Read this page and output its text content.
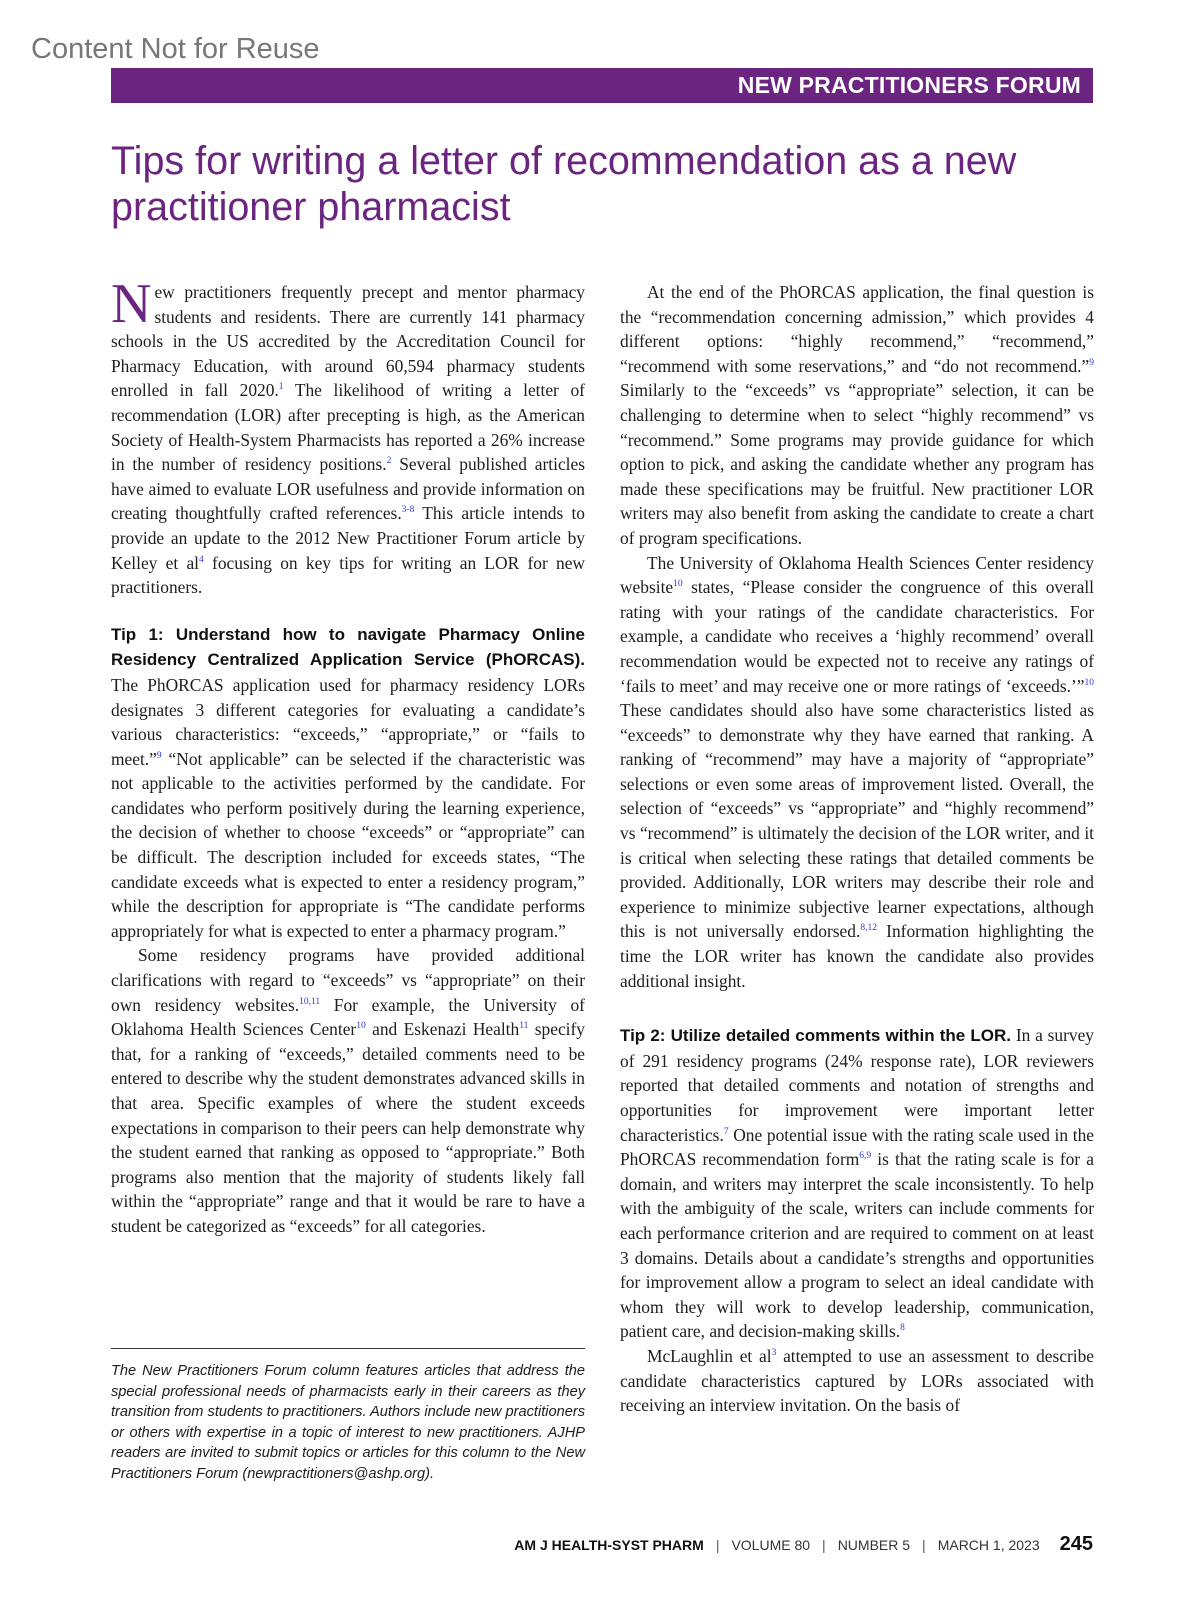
Content Not for Reuse
NEW PRACTITIONERS FORUM
Tips for writing a letter of recommendation as a new practitioner pharmacist

New practitioners frequently precept and mentor pharmacy students and residents. There are currently 141 pharmacy schools in the US accredited by the Accreditation Council for Pharmacy Education, with around 60,594 pharmacy students enrolled in fall 2020.$^1$ The likelihood of writing a letter of recommendation (LOR) after precepting is high, as the American Society of Health-System Pharmacists has reported a 26% increase in the number of residency positions.$^2$ Several published articles have aimed to evaluate LOR usefulness and provide information on creating thoughtfully crafted references.$^{3-8}$ This article intends to provide an update to the 2012 New Practitioner Forum article by Kelley et al$^4$ focusing on key tips for writing an LOR for new practitioners.

Tip 1: Understand how to navigate Pharmacy Online Residency Centralized Application Service (PhORCAS). The PhORCAS application used for pharmacy residency LORs designates 3 different categories for evaluating a candidate’s various characteristics: “exceeds,” “appropriate,” or “fails to meet.”$^9$ “Not applicable” can be selected if the characteristic was not applicable to the activities performed by the candidate. For candidates who perform positively during the learning experience, the decision of whether to choose “exceeds” or “appropriate” can be difficult. The description included for exceeds states, “The candidate exceeds what is expected to enter a residency program,” while the description for appropriate is “The candidate performs appropriately for what is expected to enter a pharmacy program.”

Some residency programs have provided additional clarifications with regard to “exceeds” vs “appropriate” on their own residency websites.$^{10,11}$ For example, the University of Oklahoma Health Sciences Center$^{10}$ and Eskenazi Health$^{11}$ specify that, for a ranking of “exceeds,” detailed comments need to be entered to describe why the student demonstrates advanced skills in that area. Specific examples of where the student exceeds expectations in comparison to their peers can help demonstrate why the student earned that ranking as opposed to “appropriate.” Both programs also mention that the majority of students likely fall within the “appropriate” range and that it would be rare to have a student be categorized as “exceeds” for all categories.

The New Practitioners Forum column features articles that address the special professional needs of pharmacists early in their careers as they transition from students to practitioners. Authors include new practitioners or others with expertise in a topic of interest to new practitioners. AJHP readers are invited to submit topics or articles for this column to the New Practitioners Forum (newpractitioners@ashp.org).

At the end of the PhORCAS application, the final question is the “recommendation concerning admission,” which provides 4 different options: “highly recommend,” “recommend,” “recommend with some reservations,” and “do not recommend.”$^9$ Similarly to the “exceeds” vs “appropriate” selection, it can be challenging to determine when to select “highly recommend” vs “recommend.” Some programs may provide guidance for which option to pick, and asking the candidate whether any program has made these specifications may be fruitful. New practitioner LOR writers may also benefit from asking the candidate to create a chart of program specifications.

The University of Oklahoma Health Sciences Center residency website$^{10}$ states, “Please consider the congruence of this overall rating with your ratings of the candidate characteristics. For example, a candidate who receives a ‘highly recommend’ overall recommendation would be expected not to receive any ratings of ‘fails to meet’ and may receive one or more ratings of ‘exceeds.’”$^{10}$ These candidates should also have some characteristics listed as “exceeds” to demonstrate why they have earned that ranking. A ranking of “recommend” may have a majority of “appropriate” selections or even some areas of improvement listed. Overall, the selection of “exceeds” vs “appropriate” and “highly recommend” vs “recommend” is ultimately the decision of the LOR writer, and it is critical when selecting these ratings that detailed comments be provided. Additionally, LOR writers may describe their role and experience to minimize subjective learner expectations, although this is not universally endorsed.$^{8,12}$ Information highlighting the time the LOR writer has known the candidate also provides additional insight.

Tip 2: Utilize detailed comments within the LOR. In a survey of 291 residency programs (24% response rate), LOR reviewers reported that detailed comments and notation of strengths and opportunities for improvement were important letter characteristics.$^7$ One potential issue with the rating scale used in the PhORCAS recommendation form$^{6,9}$ is that the rating scale is for a domain, and writers may interpret the scale inconsistently. To help with the ambiguity of the scale, writers can include comments for each performance criterion and are required to comment on at least 3 domains. Details about a candidate’s strengths and opportunities for improvement allow a program to select an ideal candidate with whom they will work to develop leadership, communication, patient care, and decision-making skills.$^8$

McLaughlin et al$^3$ attempted to use an assessment to describe candidate characteristics captured by LORs associated with receiving an interview invitation. On the basis of

AM J HEALTH-SYST PHARM | VOLUME 80 | NUMBER 5 | MARCH 1, 2023 245
